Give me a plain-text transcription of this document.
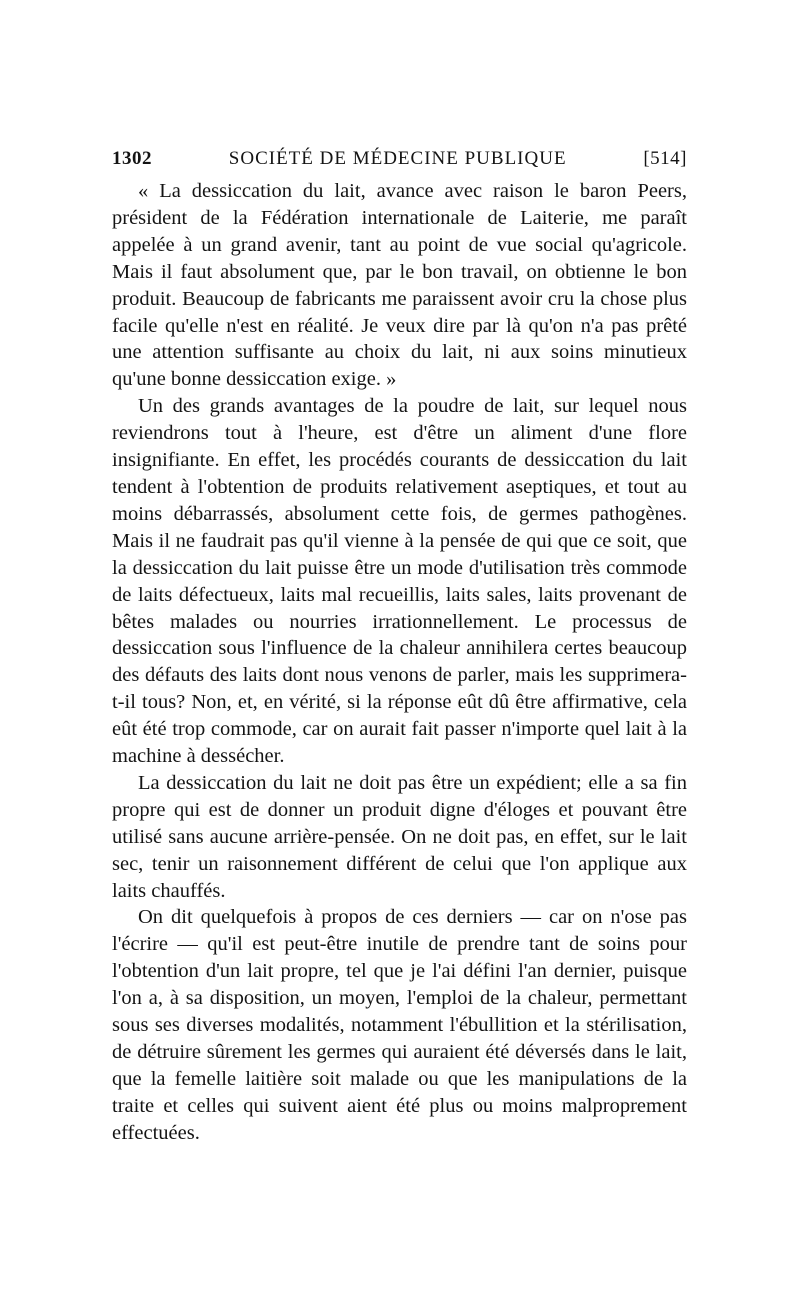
1302	SOCIÉTÉ DE MÉDECINE PUBLIQUE	[514]

« La dessiccation du lait, avance avec raison le baron Peers, président de la Fédération internationale de Laiterie, me paraît appelée à un grand avenir, tant au point de vue social qu'agricole. Mais il faut absolument que, par le bon travail, on obtienne le bon produit. Beaucoup de fabricants me paraissent avoir cru la chose plus facile qu'elle n'est en réalité. Je veux dire par là qu'on n'a pas prêté une attention suffisante au choix du lait, ni aux soins minutieux qu'une bonne dessiccation exige. »

Un des grands avantages de la poudre de lait, sur lequel nous reviendrons tout à l'heure, est d'être un aliment d'une flore insignifiante. En effet, les procédés courants de dessiccation du lait tendent à l'obtention de produits relativement aseptiques, et tout au moins débarrassés, absolument cette fois, de germes pathogènes. Mais il ne faudrait pas qu'il vienne à la pensée de qui que ce soit, que la dessiccation du lait puisse être un mode d'utilisation très commode de laits défectueux, laits mal recueillis, laits sales, laits provenant de bêtes malades ou nourries irrationnellement. Le processus de dessiccation sous l'influence de la chaleur annihilera certes beaucoup des défauts des laits dont nous venons de parler, mais les supprimera-t-il tous? Non, et, en vérité, si la réponse eût dû être affirmative, cela eût été trop commode, car on aurait fait passer n'importe quel lait à la machine à dessécher.

La dessiccation du lait ne doit pas être un expédient; elle a sa fin propre qui est de donner un produit digne d'éloges et pouvant être utilisé sans aucune arrière-pensée. On ne doit pas, en effet, sur le lait sec, tenir un raisonnement différent de celui que l'on applique aux laits chauffés.

On dit quelquefois à propos de ces derniers — car on n'ose pas l'écrire — qu'il est peut-être inutile de prendre tant de soins pour l'obtention d'un lait propre, tel que je l'ai défini l'an dernier, puisque l'on a, à sa disposition, un moyen, l'emploi de la chaleur, permettant sous ses diverses modalités, notamment l'ébullition et la stérilisation, de détruire sûrement les germes qui auraient été déversés dans le lait, que la femelle laitière soit malade ou que les manipulations de la traite et celles qui suivent aient été plus ou moins malproprement effectuées.
